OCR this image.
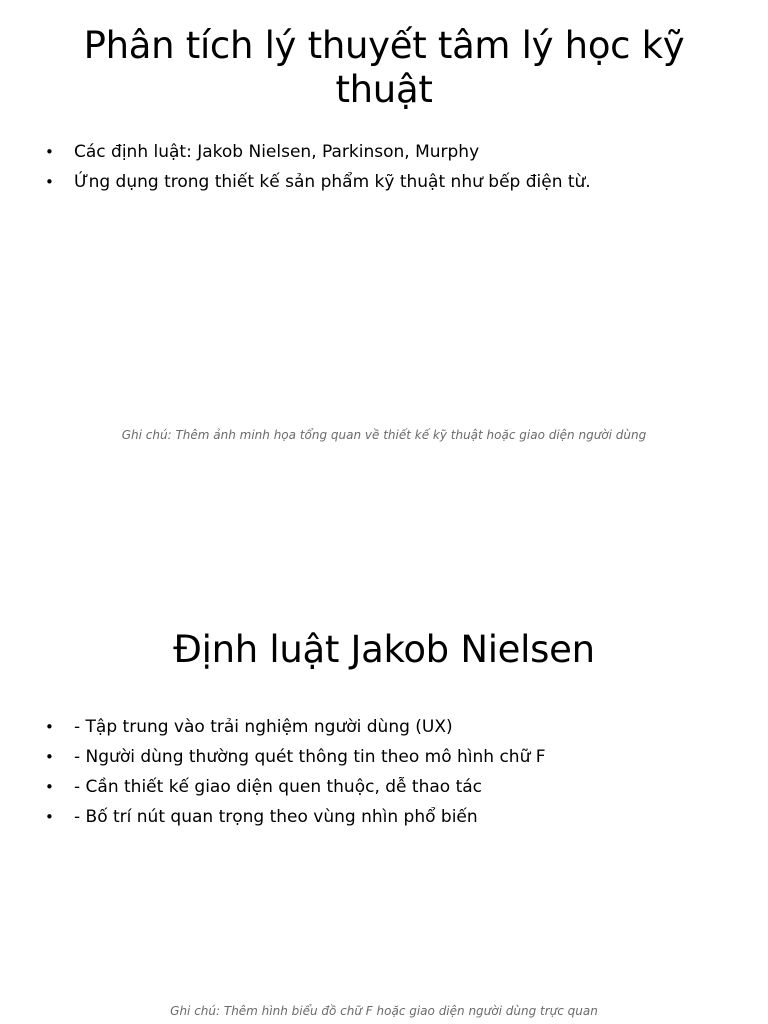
Phân tích lý thuyết tâm lý học kỹ thuật
• Các định luật: Jakob Nielsen, Parkinson, Murphy
• Ứng dụng trong thiết kế sản phẩm kỹ thuật như bếp điện từ.
Ghi chú: Thêm ảnh minh họa tổng quan về thiết kế kỹ thuật hoặc giao diện người dùng
Định luật Jakob Nielsen
• - Tập trung vào trải nghiệm người dùng (UX)
• - Người dùng thường quét thông tin theo mô hình chữ F
• - Cần thiết kế giao diện quen thuộc, dễ thao tác
• - Bố trí nút quan trọng theo vùng nhìn phổ biến
Ghi chú: Thêm hình biểu đồ chữ F hoặc giao diện người dùng trực quan
